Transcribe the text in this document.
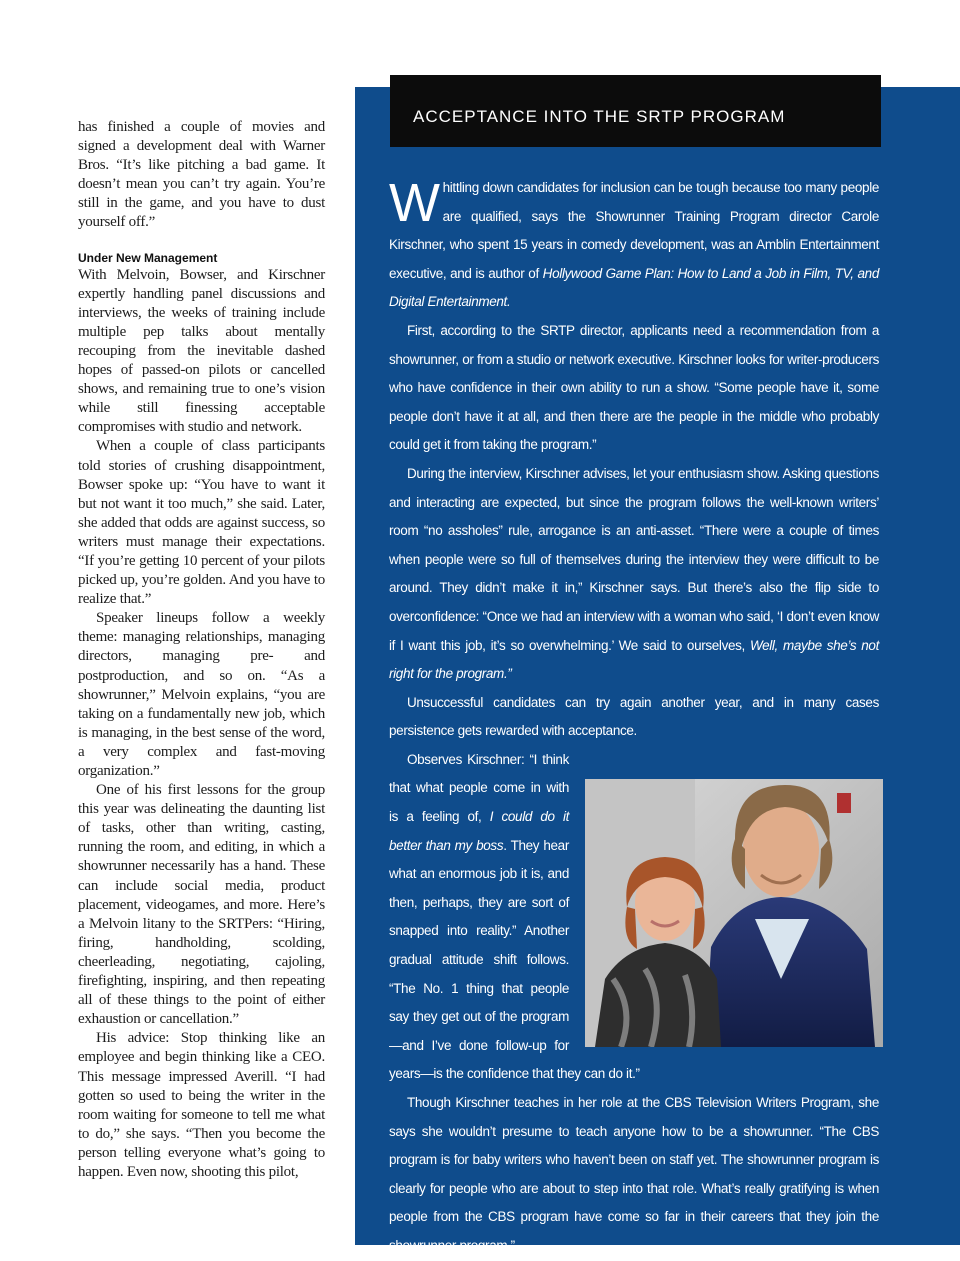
has finished a couple of movies and signed a development deal with Warner Bros. “It’s like pitching a bad game. It doesn’t mean you can’t try again. You’re still in the game, and you have to dust yourself off.”

Under New Management

With Melvoin, Bowser, and Kirschner expertly handling panel discussions and interviews, the weeks of training include multiple pep talks about mentally recouping from the inevitable dashed hopes of passed-on pilots or cancelled shows, and remaining true to one’s vision while still finessing acceptable compromises with studio and network.

When a couple of class participants told stories of crushing disappointment, Bowser spoke up: “You have to want it but not want it too much,” she said. Later, she added that odds are against success, so writers must manage their expectations. “If you’re getting 10 percent of your pilots picked up, you’re golden. And you have to realize that.”

Speaker lineups follow a weekly theme: managing relationships, managing directors, managing pre- and postproduction, and so on. “As a showrunner,” Melvoin explains, “you are taking on a fundamentally new job, which is managing, in the best sense of the word, a very complex and fast-moving organization.”

One of his first lessons for the group this year was delineating the daunting list of tasks, other than writing, casting, running the room, and editing, in which a showrunner necessarily has a hand. These can include social media, product placement, videogames, and more. Here’s a Melvoin litany to the SRTPers: “Hiring, firing, handholding, scolding, cheerleading, negotiating, cajoling, firefighting, inspiring, and then repeating all of these things to the point of either exhaustion or cancellation.”

His advice: Stop thinking like an employee and begin thinking like a CEO. This message impressed Averill. “I had gotten so used to being the writer in the room waiting for someone to tell me what to do,” she says. “Then you become the person telling everyone what’s going to happen. Even now, shooting this pilot,

ACCEPTANCE INTO THE SRTP PROGRAM

Whittling down candidates for inclusion can be tough because too many people are qualified, says the Showrunner Training Program director Carole Kirschner, who spent 15 years in comedy development, was an Amblin Entertainment executive, and is author of Hollywood Game Plan: How to Land a Job in Film, TV, and Digital Entertainment.

First, according to the SRTP director, applicants need a recommendation from a showrunner, or from a studio or network executive. Kirschner looks for writer-producers who have confidence in their own ability to run a show. “Some people have it, some people don’t have it at all, and then there are the people in the middle who probably could get it from taking the program.”

During the interview, Kirschner advises, let your enthusiasm show. Asking questions and interacting are expected, but since the program follows the well-known writers’ room “no assholes” rule, arrogance is an anti-asset. “There were a couple of times when people were so full of themselves during the interview they were difficult to be around. They didn’t make it in,” Kirschner says. But there’s also the flip side to overconfidence: “Once we had an interview with a woman who said, ‘I don’t even know if I want this job, it’s so overwhelming.’ We said to ourselves, Well, maybe she’s not right for the program.”

Unsuccessful candidates can try again another year, and in many cases persistence gets rewarded with acceptance.

Observes Kirschner: “I think that what people come in with is a feeling of, I could do it better than my boss. They hear what an enormous job it is, and then, perhaps, they are sort of snapped into reality.” Another gradual attitude shift follows. “The No. 1 thing that people say they get out of the program—and I’ve done follow-up for years—is the confidence that they can do it.”

Though Kirschner teaches in her role at the CBS Television Writers Program, she says she wouldn’t presume to teach anyone how to be a showrunner. “The CBS program is for baby writers who haven’t been on staff yet. The showrunner program is clearly for people who are about to step into that role. What’s really gratifying is when people from the CBS program have come so far in their careers that they join the showrunner program.”
